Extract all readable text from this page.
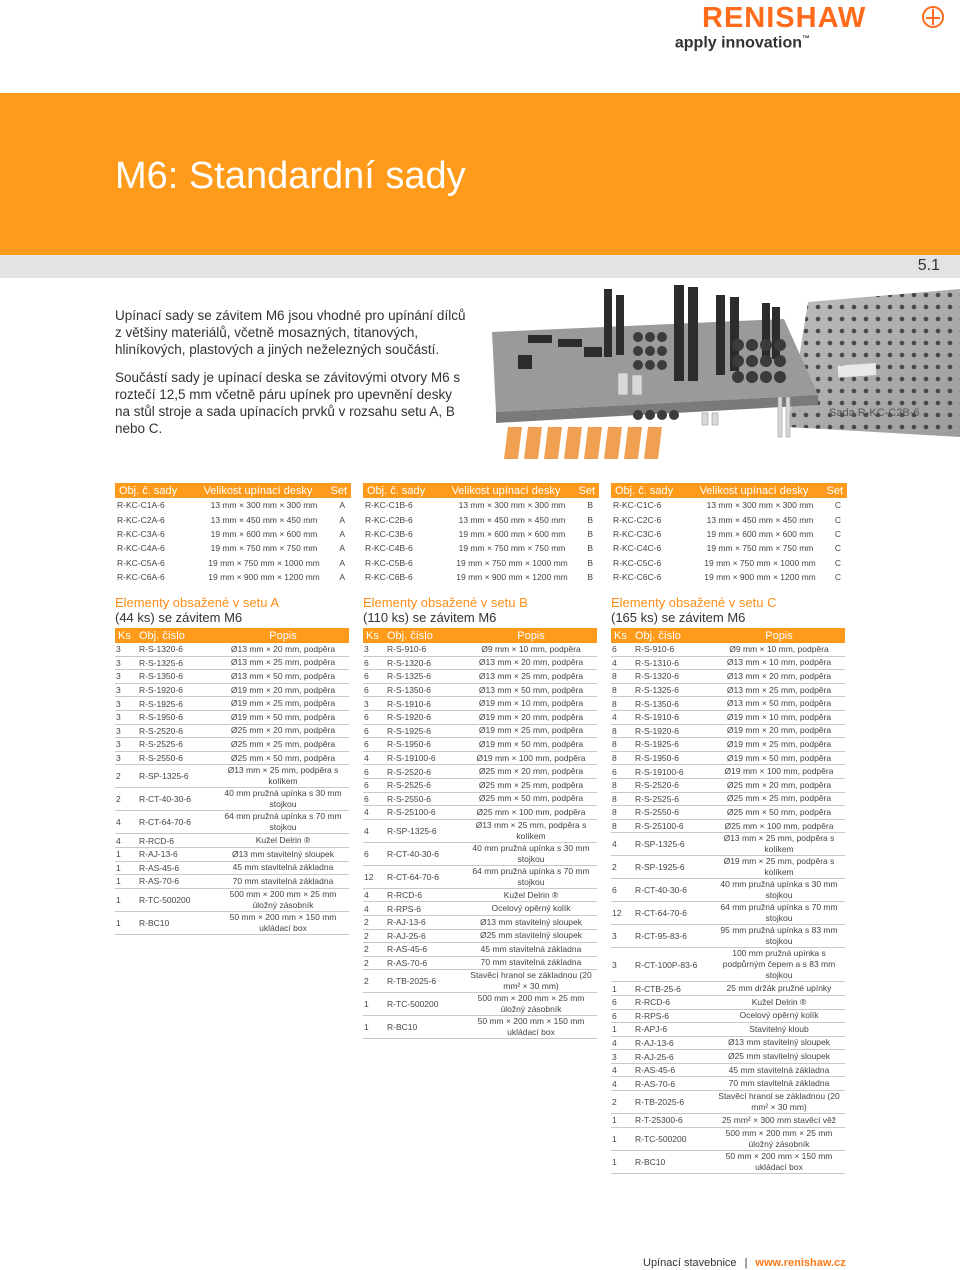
RENISHAW
apply innovation™
M6: Standardní sady
5.1

Upínací sady se závitem M6 jsou vhodné pro upínání dílců z většiny materiálů, včetně mosazných, titanových, hliníkových, plastových a jiných neželezných součástí.

Součástí sady je upínací deska se závitovými otvory M6 s roztečí 12,5 mm včetně páru upínek pro upevnění desky na stůl stroje a sada upínacích prvků v rozsahu setu A, B nebo C.

Sada R-KC-C2B-6
Obj. č. sady	Velikost upínací desky	Set
R-KC-C1A-6	13 mm × 300 mm × 300 mm	A
R-KC-C2A-6	13 mm × 450 mm × 450 mm	A
R-KC-C3A-6	19 mm × 600 mm × 600 mm	A
R-KC-C4A-6	19 mm × 750 mm × 750 mm	A
R-KC-C5A-6	19 mm × 750 mm × 1000 mm	A
R-KC-C6A-6	19 mm × 900 mm × 1200 mm	A
Obj. č. sady	Velikost upínací desky	Set
R-KC-C1B-6	13 mm × 300 mm × 300 mm	B
R-KC-C2B-6	13 mm × 450 mm × 450 mm	B
R-KC-C3B-6	19 mm × 600 mm × 600 mm	B
R-KC-C4B-6	19 mm × 750 mm × 750 mm	B
R-KC-C5B-6	19 mm × 750 mm × 1000 mm	B
R-KC-C6B-6	19 mm × 900 mm × 1200 mm	B
Obj. č. sady	Velikost upínací desky	Set
R-KC-C1C-6	13 mm × 300 mm × 300 mm	C
R-KC-C2C-6	13 mm × 450 mm × 450 mm	C
R-KC-C3C-6	19 mm × 600 mm × 600 mm	C
R-KC-C4C-6	19 mm × 750 mm × 750 mm	C
R-KC-C5C-6	19 mm × 750 mm × 1000 mm	C
R-KC-C6C-6	19 mm × 900 mm × 1200 mm	C
Elementy obsažené v setu A
(44 ks) se závitem M6
Ks Obj. číslo	Popis
3	R-S-1320-6	Ø13 mm × 20 mm, podpěra
3	R-S-1325-6	Ø13 mm × 25 mm, podpěra
3	R-S-1350-6	Ø13 mm × 50 mm, podpěra
3	R-S-1920-6	Ø19 mm × 20 mm, podpěra
3	R-S-1925-6	Ø19 mm × 25 mm, podpěra
3	R-S-1950-6	Ø19 mm × 50 mm, podpěra
3	R-S-2520-6	Ø25 mm × 20 mm, podpěra
3	R-S-2525-6	Ø25 mm × 25 mm, podpěra
3	R-S-2550-6	Ø25 mm × 50 mm, podpěra
2	R-SP-1325-6
Ø13 mm × 25 mm, podpěra s kolíkem
2	R-CT-40-30-6
40 mm pružná upínka s 30 mm stojkou
4	R-CT-64-70-6
64 mm pružná upínka s 70 mm stojkou
4	R-RCD-6	Kužel Delrin ®
1	R-AJ-13-6	Ø13 mm stavitelný sloupek
1	R-AS-45-6	45 mm stavitelná základna
1	R-AS-70-6	70 mm stavitelná základna
1	R-TC-500200
500 mm × 200 mm × 25 mm úložný zásobník
1	R-BC10
50 mm × 200 mm × 150 mm ukládací box
Elementy obsažené v setu B
(110 ks) se závitem M6
Ks Obj. číslo	Popis
3	R-S-910-6	Ø9 mm × 10 mm, podpěra
6	R-S-1320-6	Ø13 mm × 20 mm, podpěra
6	R-S-1325-6	Ø13 mm × 25 mm, podpěra
6	R-S-1350-6	Ø13 mm × 50 mm, podpěra
3	R-S-1910-6	Ø19 mm × 10 mm, podpěra
6	R-S-1920-6	Ø19 mm × 20 mm, podpěra
6	R-S-1925-6	Ø19 mm × 25 mm, podpěra
6	R-S-1950-6	Ø19 mm × 50 mm, podpěra
4	R-S-19100-6	Ø19 mm × 100 mm, podpěra
6	R-S-2520-6	Ø25 mm × 20 mm, podpěra
6	R-S-2525-6	Ø25 mm × 25 mm, podpěra
6	R-S-2550-6	Ø25 mm × 50 mm, podpěra
4	R-S-25100-6	Ø25 mm × 100 mm, podpěra
4	R-SP-1325-6
Ø13 mm × 25 mm, podpěra s kolíkem
6	R-CT-40-30-6
40 mm pružná upínka s 30 mm stojkou
12	R-CT-64-70-6
64 mm pružná upínka s 70 mm stojkou
4	R-RCD-6	Kužel Delrin ®
4	R-RPS-6	Ocelový opěrný kolík
2	R-AJ-13-6	Ø13 mm stavitelný sloupek
2	R-AJ-25-6	Ø25 mm stavitelný sloupek
2	R-AS-45-6	45 mm stavitelná základna
2	R-AS-70-6	70 mm stavitelná základna
2	R-TB-2025-6
Stavěcí hranol se základnou (20 mm² × 30 mm)
1	R-TC-500200
500 mm × 200 mm × 25 mm úložný zásobník
1	R-BC10
50 mm × 200 mm × 150 mm ukládací box
Elementy obsažené v setu C
(165 ks) se závitem M6
Ks Obj. číslo	Popis
6	R-S-910-6	Ø9 mm × 10 mm, podpěra
4	R-S-1310-6	Ø13 mm × 10 mm, podpěra
8	R-S-1320-6	Ø13 mm × 20 mm, podpěra
8	R-S-1325-6	Ø13 mm × 25 mm, podpěra
8	R-S-1350-6	Ø13 mm × 50 mm, podpěra
4	R-S-1910-6	Ø19 mm × 10 mm, podpěra
8	R-S-1920-6	Ø19 mm × 20 mm, podpěra
8	R-S-1925-6	Ø19 mm × 25 mm, podpěra
8	R-S-1950-6	Ø19 mm × 50 mm, podpěra
6	R-S-19100-6	Ø19 mm × 100 mm, podpěra
8	R-S-2520-6	Ø25 mm × 20 mm, podpěra
8	R-S-2525-6	Ø25 mm × 25 mm, podpěra
8	R-S-2550-6	Ø25 mm × 50 mm, podpěra
8	R-S-25100-6	Ø25 mm × 100 mm, podpěra
4	R-SP-1325-6
Ø13 mm × 25 mm, podpěra s kolíkem
2	R-SP-1925-6
Ø19 mm × 25 mm, podpěra s kolíkem
6	R-CT-40-30-6
40 mm pružná upínka s 30 mm stojkou
12	R-CT-64-70-6
64 mm pružná upínka s 70 mm stojkou
3	R-CT-95-83-6
95 mm pružná upínka s 83 mm stojkou
3	R-CT-100P-83-6
100 mm pružná upínka s podpůrným čepem a s 83 mm stojkou
1	R-CTB-25-6	25 mm držák pružné upínky
6	R-RCD-6	Kužel Delrin ®
6	R-RPS-6	Ocelový opěrný kolík
1	R-APJ-6	Stavitelný kloub
4	R-AJ-13-6	Ø13 mm stavitelný sloupek
3	R-AJ-25-6	Ø25 mm stavitelný sloupek
4	R-AS-45-6	45 mm stavitelná základna
4	R-AS-70-6	70 mm stavitelná základna
2	R-TB-2025-6
Stavěcí hranol se základnou (20 mm² × 30 mm)
1	R-T-25300-6	25 mm² × 300 mm stavěcí věž
1	R-TC-500200
500 mm × 200 mm × 25 mm úložný zásobník
1	R-BC10
50 mm × 200 mm × 150 mm ukládací box
Upínací stavebnice | www.renishaw.cz
